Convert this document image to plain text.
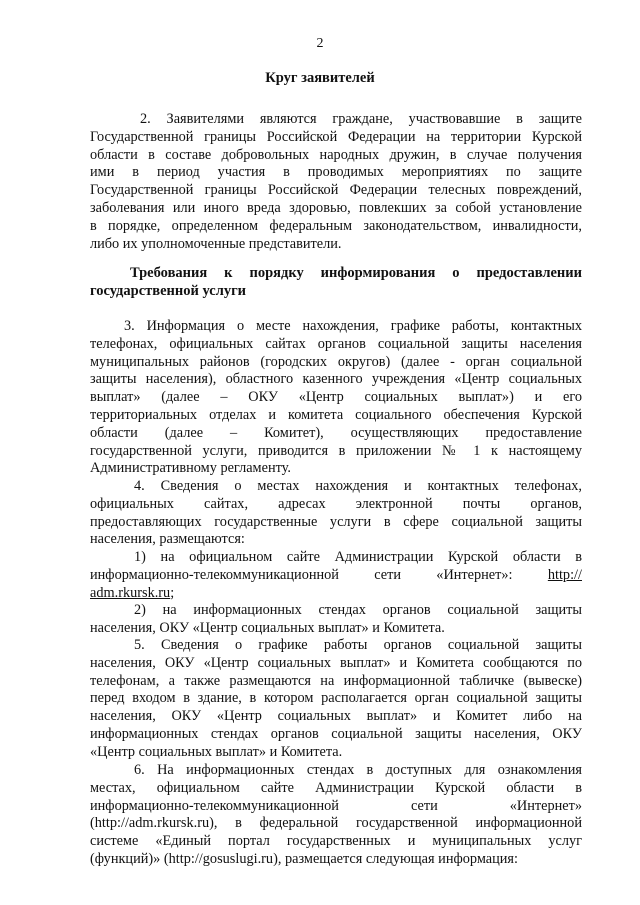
2
Круг заявителей
2. Заявителями являются граждане, участвовавшие в защите
Государственной границы Российской Федерации на территории Курской
области в составе добровольных народных дружин, в случае получения
ими в период участия в проводимых мероприятиях по защите
Государственной границы Российской Федерации телесных повреждений,
заболевания или иного вреда здоровью, повлекших за собой установление
в порядке, определенном федеральным законодательством, инвалидности,
либо их уполномоченные представители.
Требования к порядку информирования о предоставлении
государственной услуги
3. Информация о месте нахождения, графике работы, контактных
телефонах, официальных сайтах органов социальной защиты населения
муниципальных районов (городских округов) (далее - орган социальной
защиты населения), областного казенного учреждения «Центр социальных
выплат» (далее – ОКУ «Центр социальных выплат») и его
территориальных отделах и комитета социального обеспечения Курской
области (далее – Комитет), осуществляющих предоставление
государственной услуги, приводится в приложении № 1 к настоящему
Административному регламенту.
4. Сведения о местах нахождения и контактных телефонах,
официальных сайтах, адресах электронной почты органов,
предоставляющих государственные услуги в сфере социальной защиты
населения, размещаются:
1) на официальном сайте Администрации Курской области в
информационно-телекоммуникационной   сети   «Интернет»:   http://
adm.rkursk.ru;
2) на информационных стендах органов социальной защиты
населения, ОКУ «Центр социальных выплат» и Комитета.
5. Сведения о графике работы органов социальной защиты
населения, ОКУ «Центр социальных выплат» и Комитета сообщаются по
телефонам, а также размещаются на информационной табличке (вывеске)
перед входом в здание, в котором располагается орган социальной защиты
населения, ОКУ «Центр социальных выплат» и Комитет либо на
информационных стендах органов социальной защиты населения, ОКУ
«Центр социальных выплат» и Комитета.
6. На информационных стендах в доступных для ознакомления
местах, официальном сайте Администрации Курской области в
информационно-телекоммуникационной сети «Интернет»
(http://adm.rkursk.ru), в федеральной государственной информационной
системе «Единый портал государственных и муниципальных услуг
(функций)» (http://gosuslugi.ru), размещается следующая информация:
